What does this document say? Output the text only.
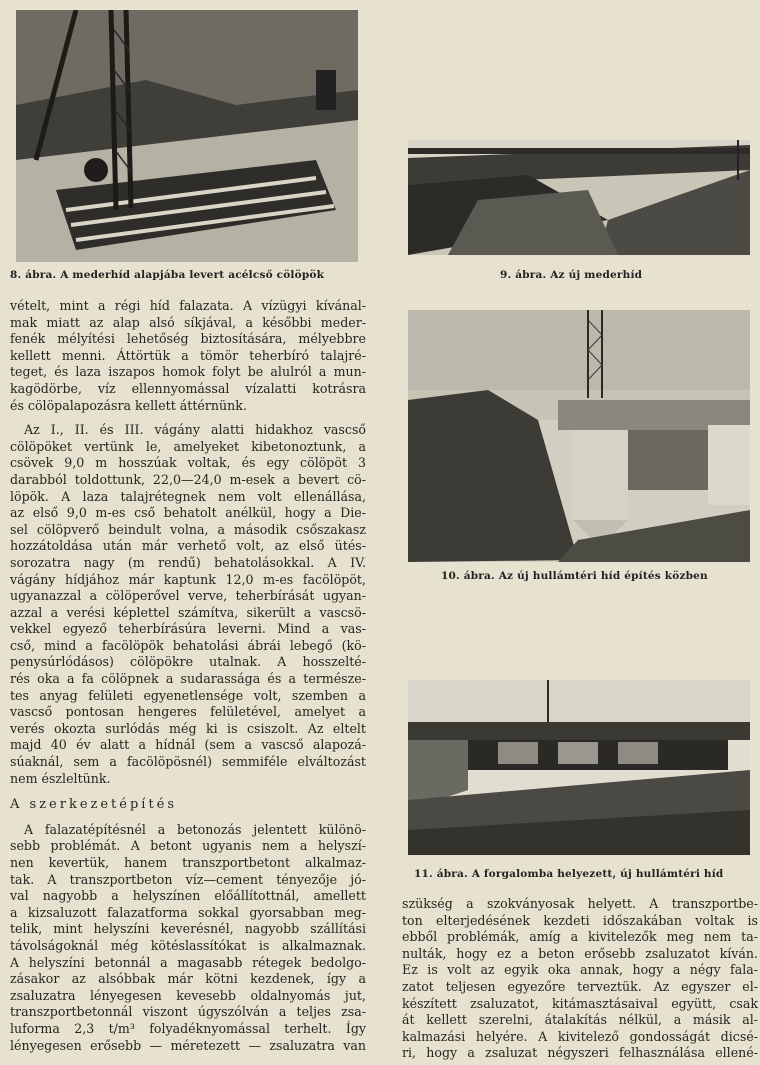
8. ábra. A mederhíd alapjába levert acélcső cölöpök	9. ábra. Az új mederhíd
10. ábra. Az új hullámtéri híd építés közben
11. ábra. A forgalomba helyezett, új hullámtéri híd

vételt, mint a régi híd falazata. A vízügyi kívánal-
mak miatt az alap alsó síkjával, a későbbi meder-
fenék mélyítési lehetőség biztosítására, mélyebbre
kellett menni. Áttörtük a tömör teherbíró talajré-
teget, és laza iszapos homok folyt be alulról a mun-
kagödörbe, víz ellennyomással vízalatti kotrásra
és cölöpalapozásra kellett áttérnünk.

Az I., II. és III. vágány alatti hidakhoz vascső
cölöpöket vertünk le, amelyeket kibetonoztunk, a
csövek 9,0 m hosszúak voltak, és egy cölöpöt 3
darabból toldottunk, 22,0—24,0 m-esek a bevert cö-
löpök. A laza talajrétegnek nem volt ellenállása,
az első 9,0 m-es cső behatolt anélkül, hogy a Die-
sel cölöpverő beindult volna, a második csőszakasz
hozzátoldása után már verhető volt, az első ütés-
sorozatra nagy (m rendű) behatolásokkal. A IV.
vágány hídjához már kaptunk 12,0 m-es facölöpöt,
ugyanazzal a cölöperővel verve, teherbírását ugyan-
azzal a verési képlettel számítva, sikerült a vascsö-
vekkel egyező teherbírásúra leverni. Mind a vas-
cső, mind a facölöpök behatolási ábrái lebegő (kö-
penysúrlódásos) cölöpökre utalnak. A hosszelté-
rés oka a fa cölöpnek a sudarassága és a természe-
tes anyag felületi egyenetlensége volt, szemben a
vascső pontosan hengeres felületével, amelyet a
verés okozta surlódás még ki is csiszolt. Az eltelt
majd 40 év alatt a hídnál (sem a vascső alapozá-
súaknál, sem a facölöpösnél) semmiféle elváltozást
nem észleltünk.

A szerkezetépítés

A falazatépítésnél a betonozás jelentett különö-
sebb problémát. A betont ugyanis nem a helyszí-
nen kevertük, hanem transzportbetont alkalmaz-
tak. A transzportbeton víz—cement tényezője jó-
val nagyobb a helyszínen előállítottnál, amellett
a kizsaluzott falazatforma sokkal gyorsabban meg-
telik, mint helyszíni keverésnél, nagyobb szállítási
távolságoknál még kötéslassítókat is alkalmaznak.
A helyszíni betonnál a magasabb rétegek bedolgo-
zásakor az alsóbbak már kötni kezdenek, így a
zsaluzatra lényegesen kevesebb oldalnyomás jut,
transzportbetonnál viszont úgyszólván a teljes zsa-
luforma 2,3 t/m³ folyadéknyomással terhelt. Így
lényegesen erősebb — méretezett — zsaluzatra van

szükség a szokványosak helyett. A transzportbe-
ton elterjedésének kezdeti időszakában voltak is
ebből problémák, amíg a kivitelezők meg nem ta-
nulták, hogy ez a beton erősebb zsaluzatot kíván.
Ez is volt az egyik oka annak, hogy a négy fala-
zatot teljesen egyezőre terveztük. Az egyszer el-
készített zsaluzatot, kitámasztásaival együtt, csak
át kellett szerelni, átalakítás nélkül, a másik al-
kalmazási helyére. A kivitelező gondosságát dicsé-
ri, hogy a zsaluzat négyszeri felhasználása ellené-
